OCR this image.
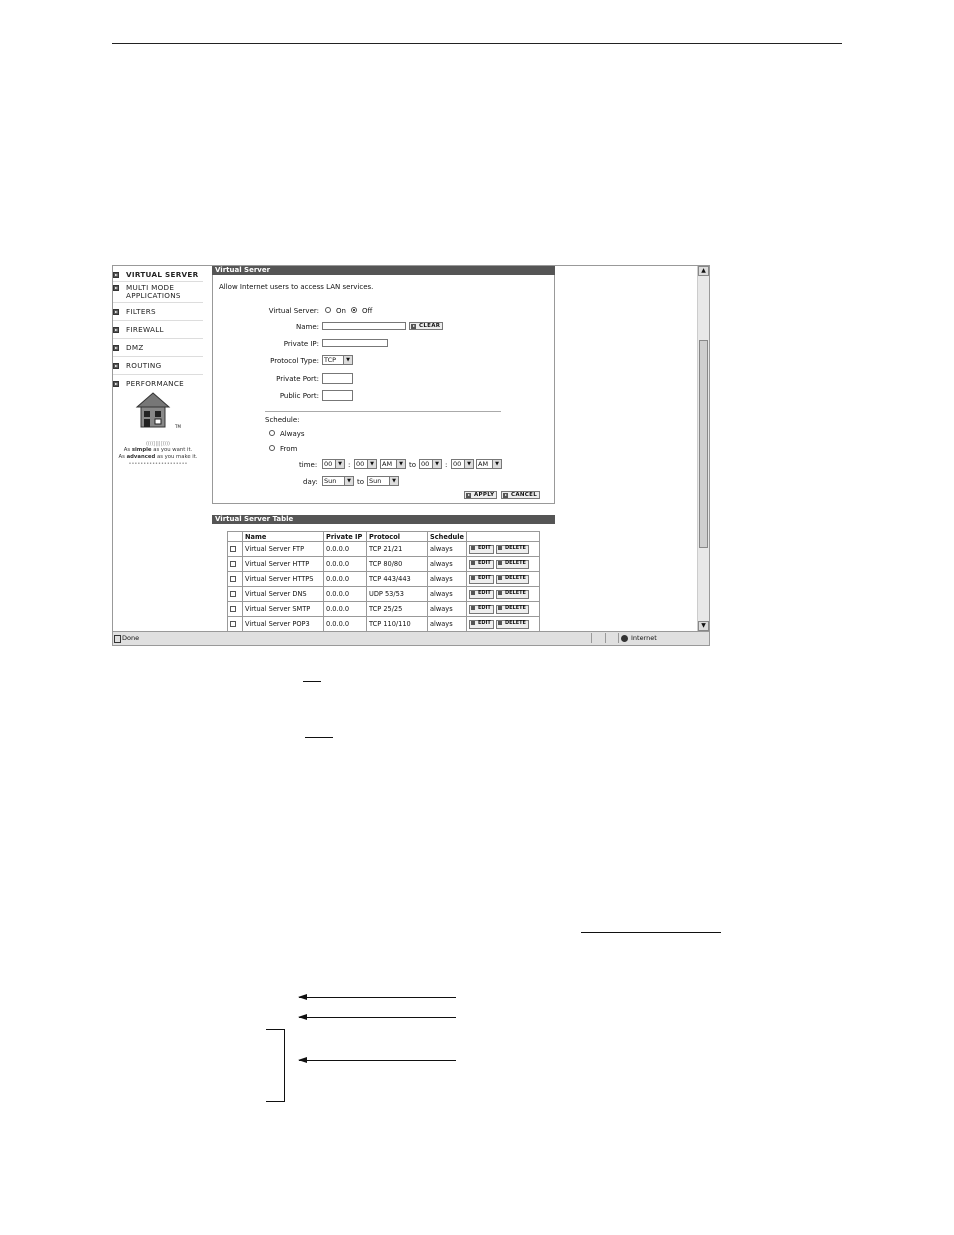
VIRTUAL SERVER
MULTI MODE APPLICATIONS
FILTERS
FIREWALL
DMZ
ROUTING
PERFORMANCE
TM
((((|||||))))
As simple as you want it.
As advanced as you make it.
••••••••••••••••••••
Virtual Server
Allow Internet users to access LAN services.
Virtual Server: On Off
Name:	CLEAR
Private IP:
Protocol Type: TCP	▼
Private Port:
Public Port:
Schedule:
Always
From
time:	00	▼ : 00	▼	AM	▼ to 00	▼ : 00	▼	AM	▼
day: Sun	▼ to Sun	▼
APPLY	CANCEL
Virtual Server Table
	Name	Private IP	Protocol	Schedule	
	Virtual Server FTP	0.0.0.0	TCP 21/21	always	EDIT DELETE
	Virtual Server HTTP	0.0.0.0	TCP 80/80	always	EDIT DELETE
	Virtual Server HTTPS	0.0.0.0	TCP 443/443	always	EDIT DELETE
	Virtual Server DNS	0.0.0.0	UDP 53/53	always	EDIT DELETE
	Virtual Server SMTP	0.0.0.0	TCP 25/25	always	EDIT DELETE
	Virtual Server POP3	0.0.0.0	TCP 110/110	always	EDIT DELETE
▲
▼
Done	Internet
